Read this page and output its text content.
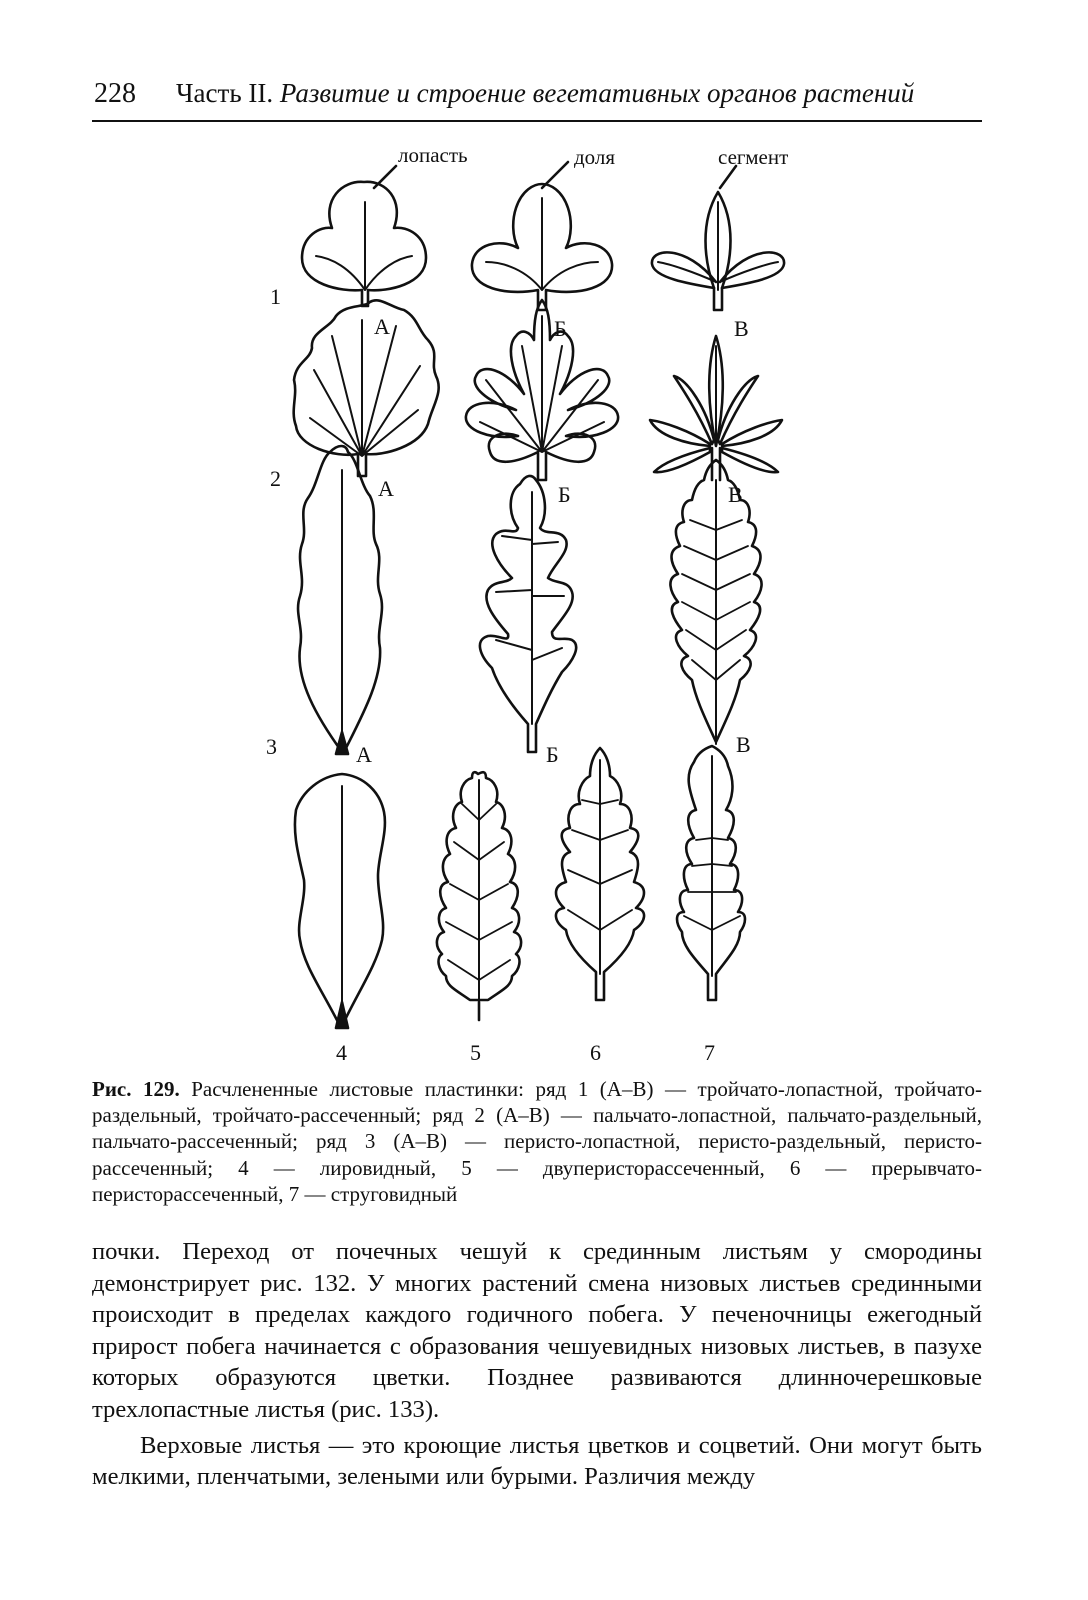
228 Часть II. Развитие и строение вегетативных органов растений
лопасть	доля	сегмент
1
А	Б	В
2	А	Б	В
3	А	Б	В
4	5	6	7
Рис. 129. Расчлененные листовые пластинки: ряд 1 (А–В) — тройчато-лопастной, тройчато-раздельный, тройчато-рассеченный; ряд 2 (А–В) — пальчато-лопастной, пальчато-раздельный, пальчато-рассеченный; ряд 3 (А–В) — перисто-лопастной, перисто-раздельный, перисто-рассеченный; 4 — лировидный, 5 — двуперисторассеченный, 6 — прерывчато-перисторассеченный, 7 — струговидный

почки. Переход от почечных чешуй к срединным листьям у смородины демонстрирует рис. 132. У многих растений смена низовых листьев срединными происходит в пределах каждого годичного побега. У печеночницы ежегодный прирост побега начинается с образования чешуевидных низовых листьев, в пазухе которых образуются цветки. Позднее развиваются длинночерешковые трехлопастные листья (рис. 133).

Верховые листья — это кроющие листья цветков и соцветий. Они могут быть мелкими, пленчатыми, зелеными или бурыми. Различия между
